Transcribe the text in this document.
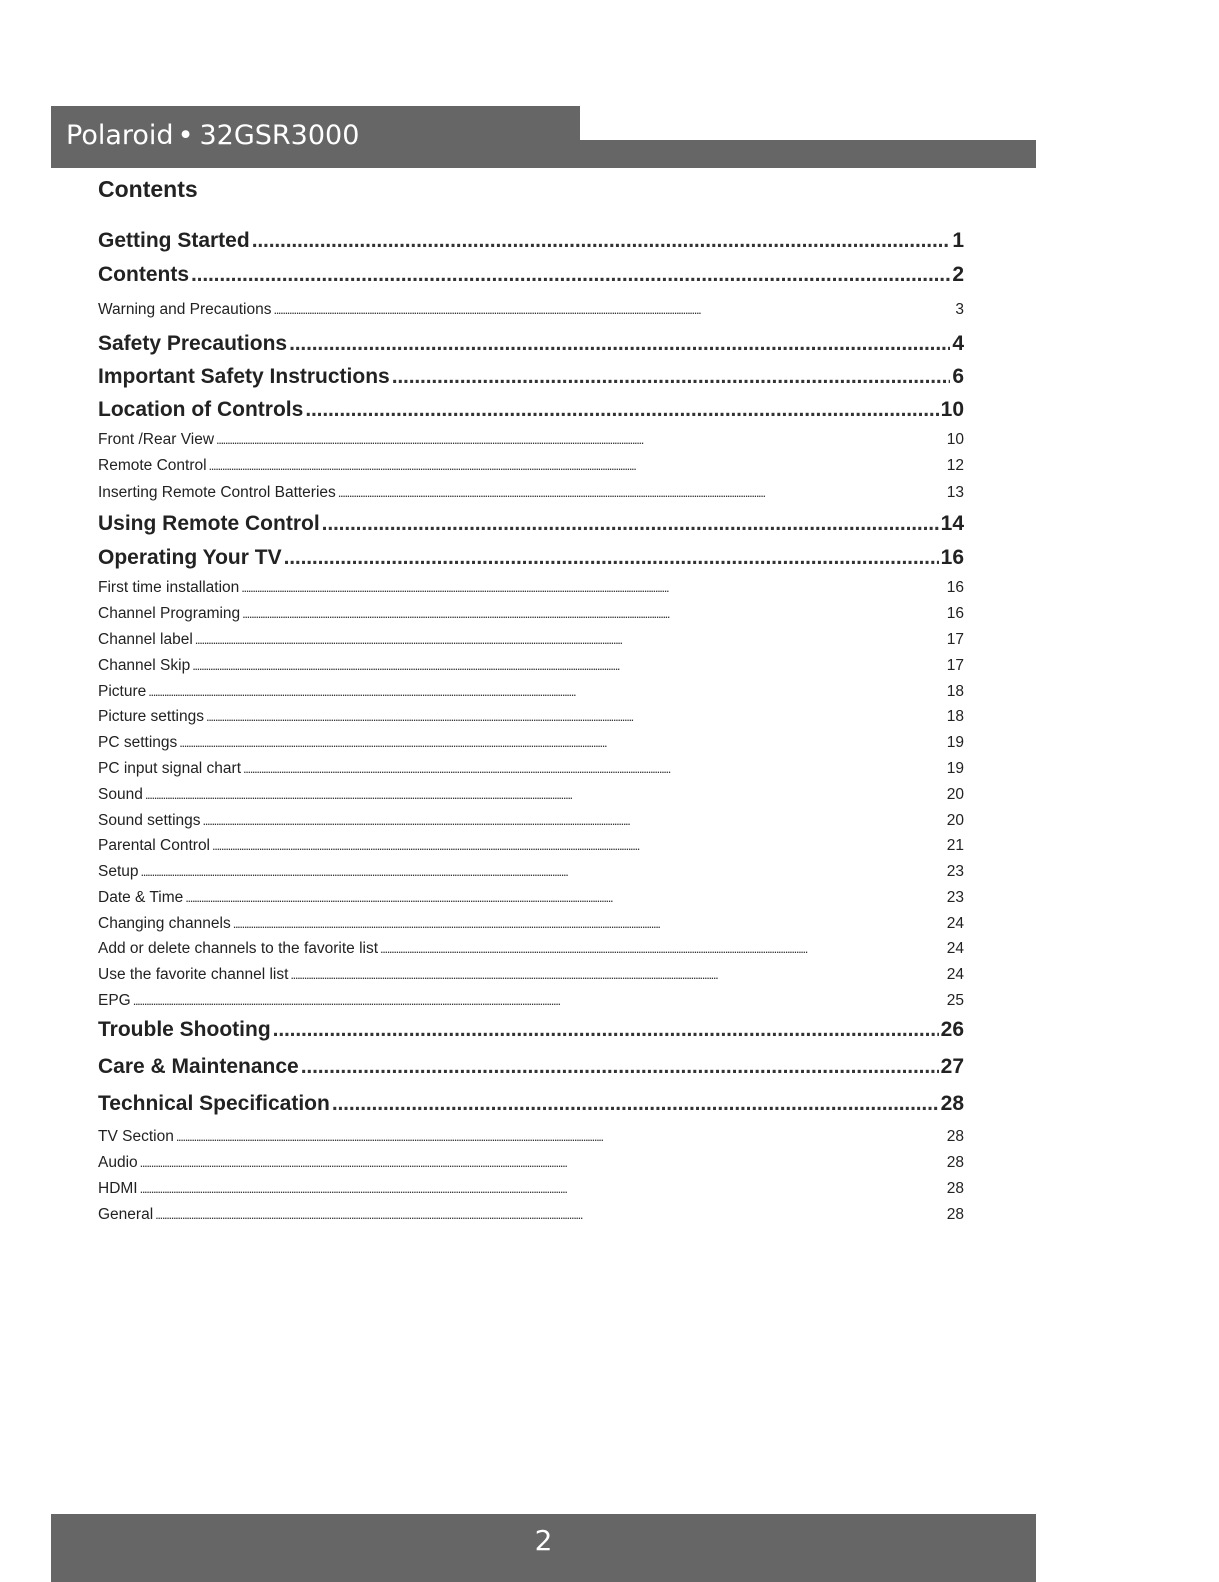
Polaroid • 32GSR3000
Contents
Getting Started . . .	1
Contents . . .	2
Warning and Precautions . . .	3
Safety Precautions . . .	4
Important Safety Instructions . . .	6
Location of Controls . . .	10
Front /Rear View . . .	10
Remote Control . . .	12
Inserting Remote Control Batteries . . .	13
Using Remote Control . . .	14
Operating Your TV . . .	16
First time installation . . .	16
Channel Programing . . .	16
Channel label . . .	17
Channel Skip . . .	17
Picture . . .	18
Picture settings . . .	18
PC settings . . .	19
PC input signal chart . . .	19
Sound . . .	20
Sound settings . . .	20
Parental Control . . .	21
Setup . . .	23
Date & Time . . .	23
Changing channels . . .	24
Add or delete channels to the favorite list . . .	24
Use the favorite channel list . . .	24
EPG . . .	25
Trouble Shooting . . .	26
Care & Maintenance . . .	27
Technical Specification . . .	28
TV Section . . .	28
Audio . . .	28
HDMI . . .	28
General . . .	28
2
